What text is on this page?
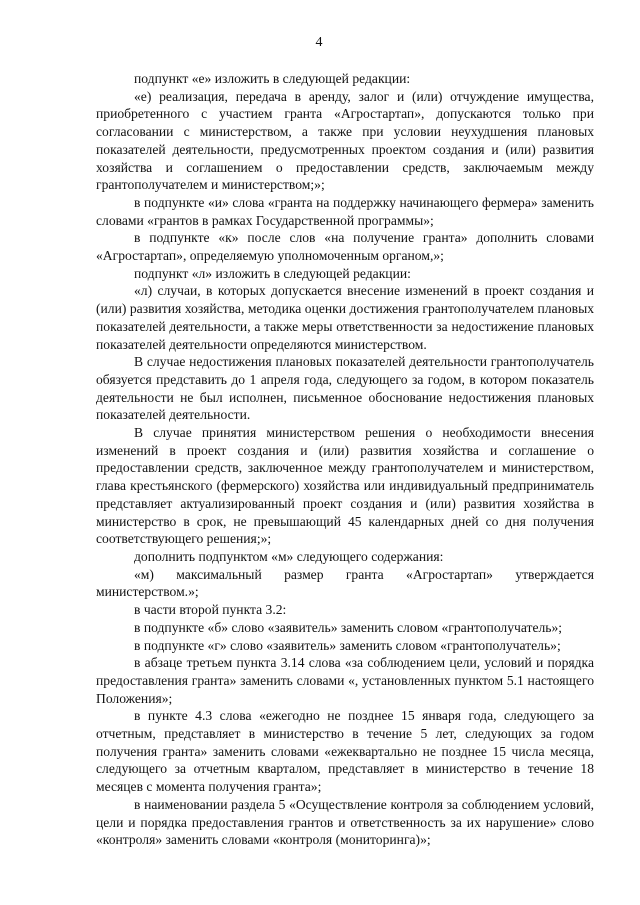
4

подпункт «е» изложить в следующей редакции:

«е) реализация, передача в аренду, залог и (или) отчуждение имущества, приобретенного с участием гранта «Агростартап», допускаются только при согласовании с министерством, а также при условии неухудшения плановых показателей деятельности, предусмотренных проектом создания и (или) развития хозяйства и соглашением о предоставлении средств, заключаемым между грантополучателем и министерством;»;

в подпункте «и» слова «гранта на поддержку начинающего фермера» заменить словами «грантов в рамках Государственной программы»;

в подпункте «к» после слов «на получение гранта» дополнить словами «Агростартап», определяемую уполномоченным органом,»;

подпункт «л» изложить в следующей редакции:

«л) случаи, в которых допускается внесение изменений в проект создания и (или) развития хозяйства, методика оценки достижения грантополучателем плановых показателей деятельности, а также меры ответственности за недостижение плановых показателей деятельности определяются министерством.

В случае недостижения плановых показателей деятельности грантополучатель обязуется представить до 1 апреля года, следующего за годом, в котором показатель деятельности не был исполнен, письменное обоснование недостижения плановых показателей деятельности.

В случае принятия министерством решения о необходимости внесения изменений в проект создания и (или) развития хозяйства и соглашение о предоставлении средств, заключенное между грантополучателем и министерством, глава крестьянского (фермерского) хозяйства или индивидуальный предприниматель представляет актуализированный проект создания и (или) развития хозяйства в министерство в срок, не превышающий 45 календарных дней со дня получения соответствующего решения;»;

дополнить подпунктом «м» следующего содержания:

«м) максимальный размер гранта «Агростартап» утверждается министерством.»;

в части второй пункта 3.2:

в подпункте «б» слово «заявитель» заменить словом «грантополучатель»;

в подпункте «г» слово «заявитель» заменить словом «грантополучатель»;

в абзаце третьем пункта 3.14 слова «за соблюдением цели, условий и порядка предоставления гранта» заменить словами «, установленных пунктом 5.1 настоящего Положения»;

в пункте 4.3 слова «ежегодно не позднее 15 января года, следующего за отчетным, представляет в министерство в течение 5 лет, следующих за годом получения гранта» заменить словами «ежеквартально не позднее 15 числа месяца, следующего за отчетным кварталом, представляет в министерство в течение 18 месяцев с момента получения гранта»;

в наименовании раздела 5 «Осуществление контроля за соблюдением условий, цели и порядка предоставления грантов и ответственность за их нарушение» слово «контроля» заменить словами «контроля (мониторинга)»;
